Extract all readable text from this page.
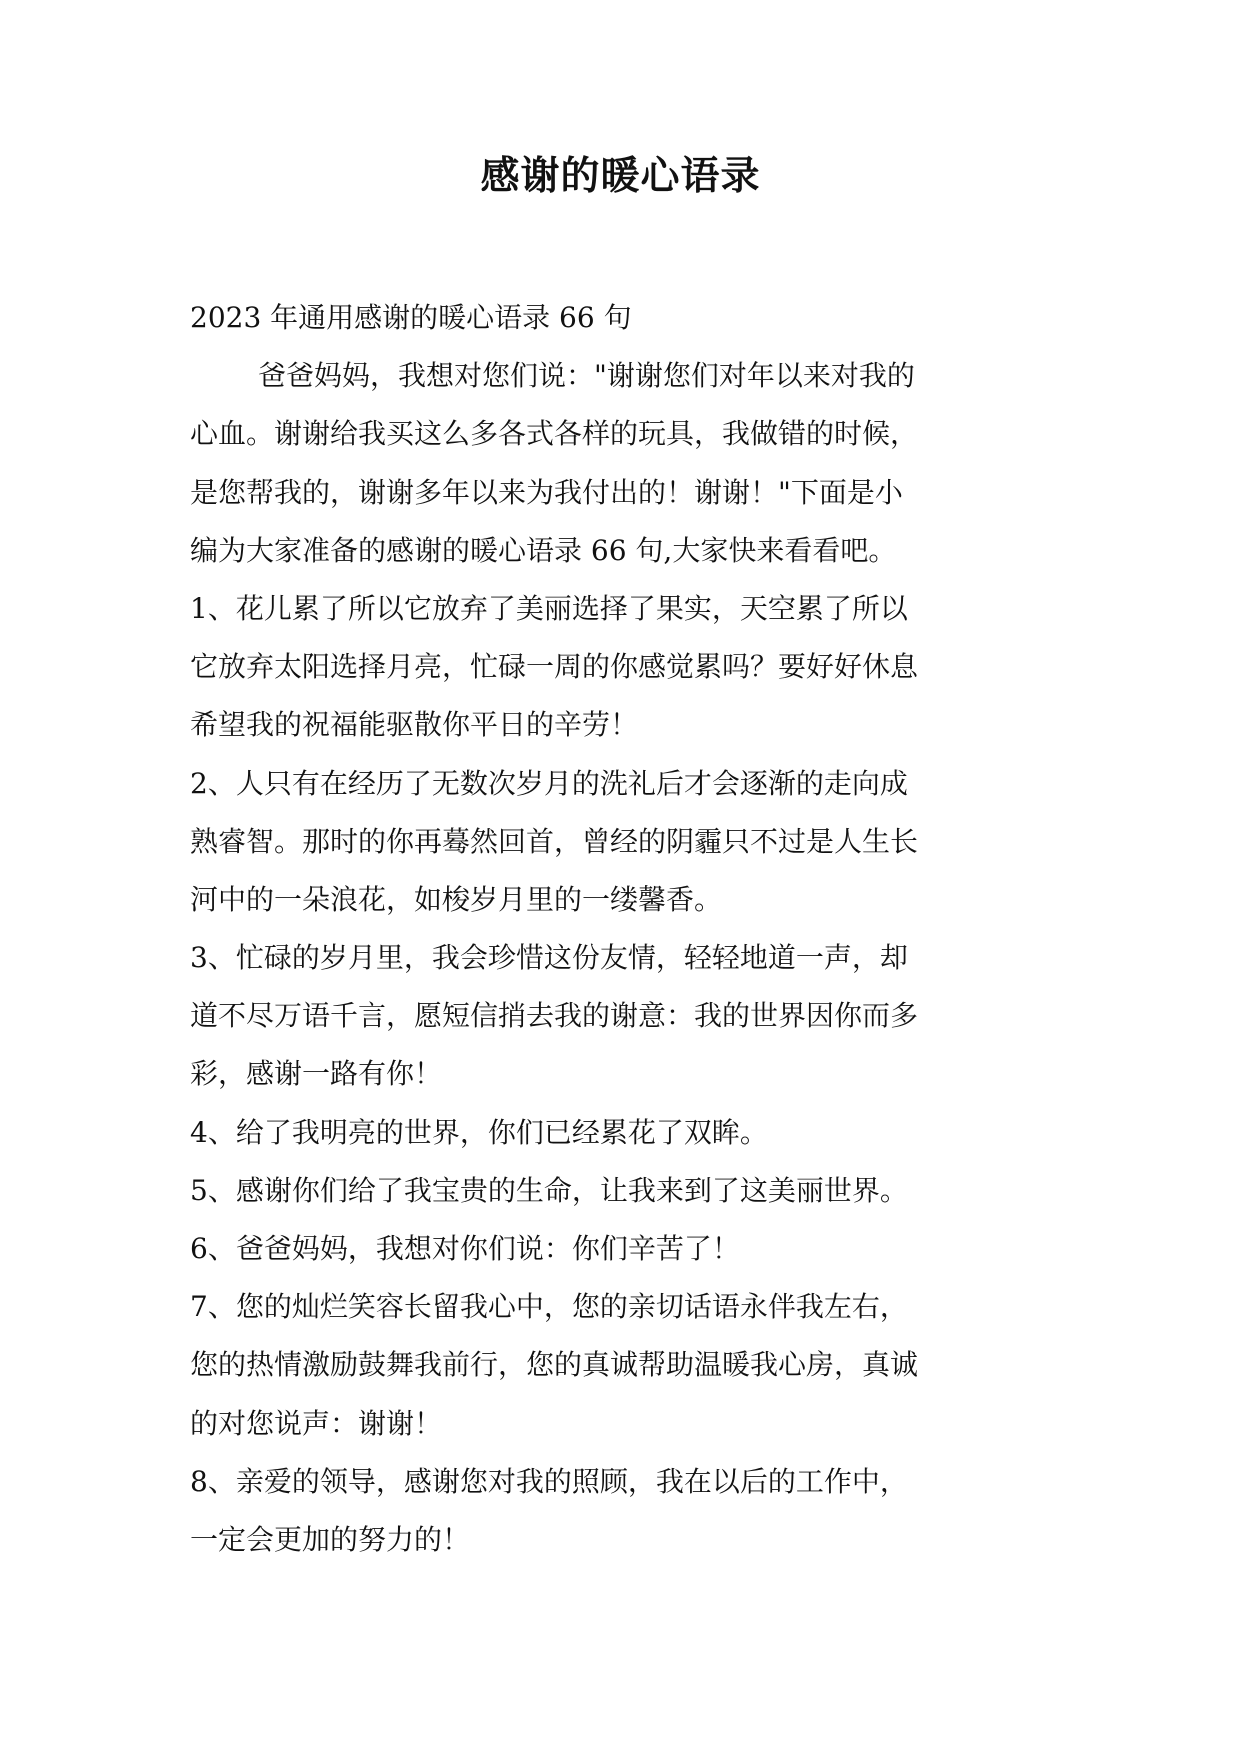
感谢的暖心语录
2023 年通用感谢的暖心语录 66 句
爸爸妈妈，我想对您们说："谢谢您们对年以来对我的
心血。谢谢给我买这么多各式各样的玩具，我做错的时候，
是您帮我的，谢谢多年以来为我付出的！谢谢！"下面是小
编为大家准备的感谢的暖心语录 66 句,大家快来看看吧。
1、花儿累了所以它放弃了美丽选择了果实，天空累了所以
它放弃太阳选择月亮，忙碌一周的你感觉累吗？要好好休息
希望我的祝福能驱散你平日的辛劳！
2、人只有在经历了无数次岁月的洗礼后才会逐渐的走向成
熟睿智。那时的你再蓦然回首，曾经的阴霾只不过是人生长
河中的一朵浪花，如梭岁月里的一缕馨香。
3、忙碌的岁月里，我会珍惜这份友情，轻轻地道一声，却
道不尽万语千言，愿短信捎去我的谢意：我的世界因你而多
彩，感谢一路有你！
4、给了我明亮的世界，你们已经累花了双眸。
5、感谢你们给了我宝贵的生命，让我来到了这美丽世界。
6、爸爸妈妈，我想对你们说：你们辛苦了！
7、您的灿烂笑容长留我心中，您的亲切话语永伴我左右，
您的热情激励鼓舞我前行，您的真诚帮助温暖我心房，真诚
的对您说声：谢谢！
8、亲爱的领导，感谢您对我的照顾，我在以后的工作中，
一定会更加的努力的！
